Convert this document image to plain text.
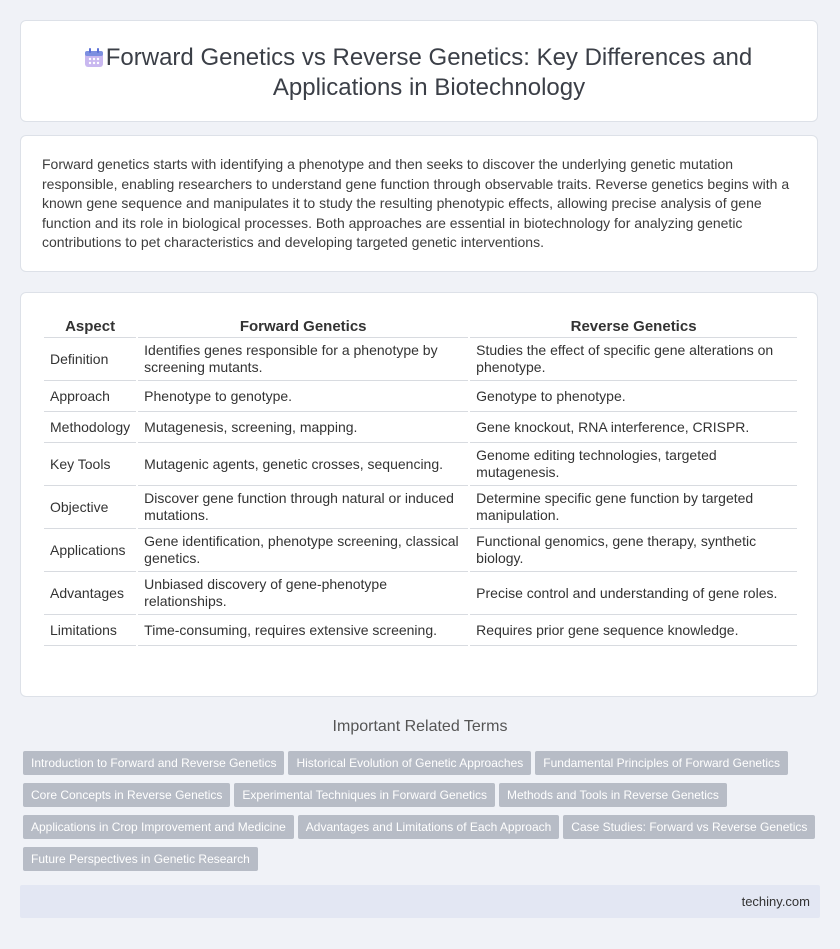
Forward Genetics vs Reverse Genetics: Key Differences and Applications in Biotechnology

Forward genetics starts with identifying a phenotype and then seeks to discover the underlying genetic mutation responsible, enabling researchers to understand gene function through observable traits. Reverse genetics begins with a known gene sequence and manipulates it to study the resulting phenotypic effects, allowing precise analysis of gene function and its role in biological processes. Both approaches are essential in biotechnology for analyzing genetic contributions to pet characteristics and developing targeted genetic interventions.

Aspect	Forward Genetics	Reverse Genetics
Definition	Identifies genes responsible for a phenotype by screening mutants.	Studies the effect of specific gene alterations on phenotype.
Approach	Phenotype to genotype.	Genotype to phenotype.
Methodology	Mutagenesis, screening, mapping.	Gene knockout, RNA interference, CRISPR.
Key Tools	Mutagenic agents, genetic crosses, sequencing.	Genome editing technologies, targeted mutagenesis.
Objective	Discover gene function through natural or induced mutations.	Determine specific gene function by targeted manipulation.
Applications	Gene identification, phenotype screening, classical genetics.	Functional genomics, gene therapy, synthetic biology.
Advantages	Unbiased discovery of gene-phenotype relationships.	Precise control and understanding of gene roles.
Limitations	Time-consuming, requires extensive screening.	Requires prior gene sequence knowledge.
Important Related Terms
Introduction to Forward and Reverse Genetics Historical Evolution of Genetic Approaches Fundamental Principles of Forward GeneticsCore Concepts in Reverse Genetics Experimental Techniques in Forward Genetics Methods and Tools in Reverse GeneticsApplications in Crop Improvement and Medicine Advantages and Limitations of Each Approach Case Studies: Forward vs Reverse GeneticsFuture Perspectives in Genetic Research
techiny.com
